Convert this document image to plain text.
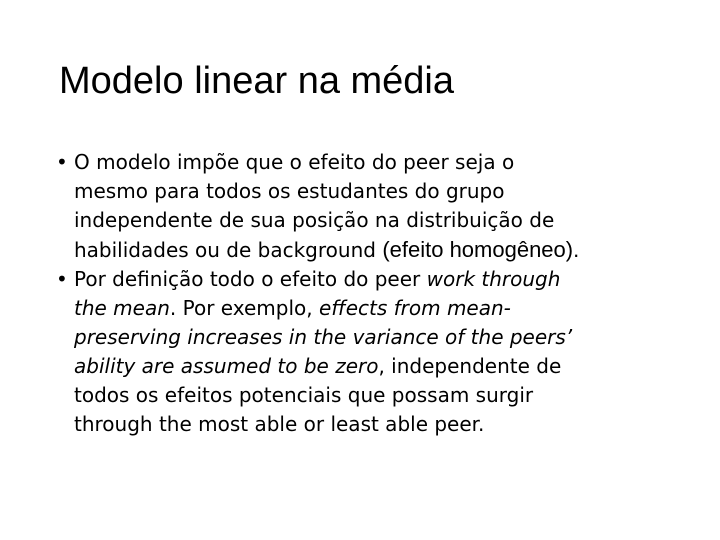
Modelo linear na média
• O modelo impõe que o efeito do peer seja o
mesmo para todos os estudantes do grupo
independente de sua posição na distribuição de
habilidades ou de background (efeito homogêneo).
• Por definição todo o efeito do peer work through
the mean. Por exemplo, effects from mean-
preserving increases in the variance of the peers’
ability are assumed to be zero, independente de
todos os efeitos potenciais que possam surgir
through the most able or least able peer.
